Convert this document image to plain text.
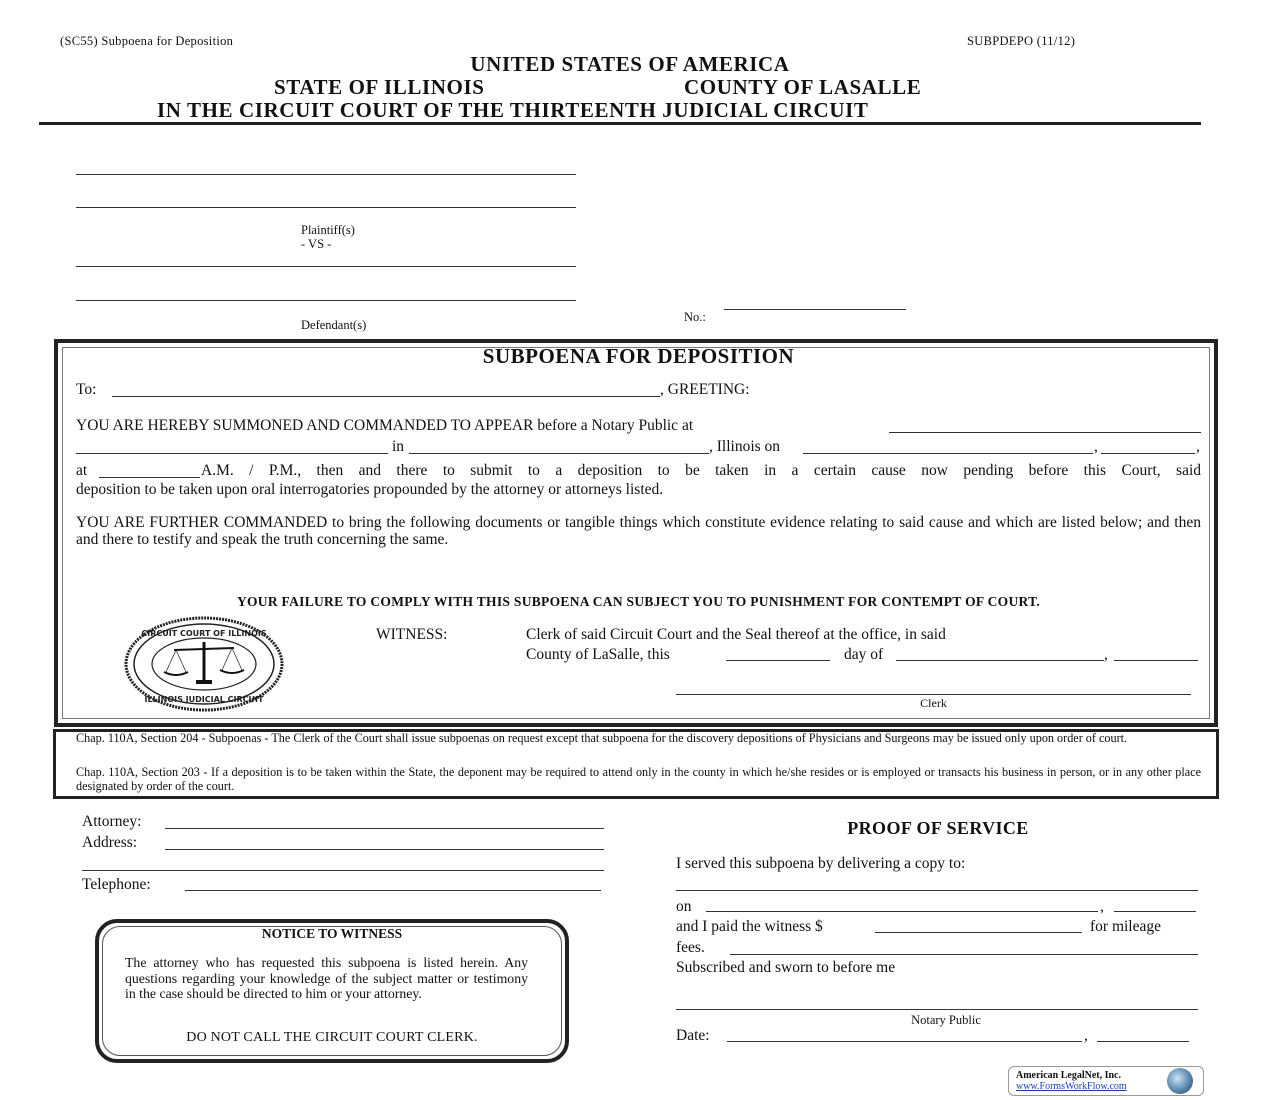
(SC55) Subpoena for Deposition	SUBPDEPO (11/12)
UNITED STATES OF AMERICA
STATE OF ILLINOIS	COUNTY OF LASALLE
IN THE CIRCUIT COURT OF THE THIRTEENTH JUDICIAL CIRCUIT
Plaintiff(s)
- VS -
Defendant(s)
No.:
SUBPOENA FOR DEPOSITION
To:	, GREETING:
YOU ARE HEREBY SUMMONED AND COMMANDED TO APPEAR before a Notary Public at
in	, Illinois on	,	,
at	A.M. / P.M., then and there to submit to a deposition to be taken in a certain cause now pending before this Court, said
deposition to be taken upon oral interrogatories propounded by the attorney or attorneys listed.
YOU ARE FURTHER COMMANDED to bring the following documents or tangible things which constitute evidence relating to said cause and which are listed below; and then and there to testify and speak the truth concerning the same.
YOUR FAILURE TO COMPLY WITH THIS SUBPOENA CAN SUBJECT YOU TO PUNISHMENT FOR CONTEMPT OF COURT.
CIRCUIT COURT OF ILLINOIS
ILLINOIS JUDICIAL CIRCUIT
WITNESS:	Clerk of said Circuit Court and the Seal thereof at the office, in said
County of LaSalle, this	day of	,
Clerk
Chap. 110A, Section 204 - Subpoenas - The Clerk of the Court shall issue subpoenas on request except that subpoena for the discovery depositions of Physicians and Surgeons may be issued only upon order of court.
Chap. 110A, Section 203 - If a deposition is to be taken within the State, the deponent may be required to attend only in the county in which he/she resides or is employed or transacts his business in person, or in any other place designated by order of the court.
Attorney:
Address:
Telephone:
NOTICE TO WITNESS
The attorney who has requested this subpoena is listed herein. Any questions regarding your knowledge of the subject matter or testimony in the case should be directed to him or your attorney.
DO NOT CALL THE CIRCUIT COURT CLERK.
PROOF OF SERVICE
I served this subpoena by delivering a copy to:
on	,
and I paid the witness $	for mileage
fees.
Subscribed and sworn to before me
Notary Public
Date:	,
American LegalNet, Inc.
www.FormsWorkFlow.com
